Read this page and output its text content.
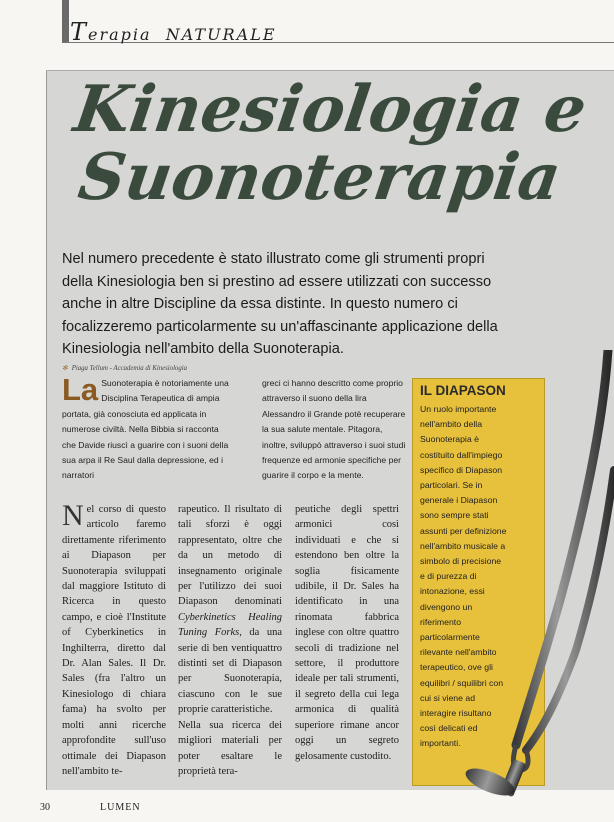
Terapia NATURALE
Kinesiologia e
Suonoterapia
Nel numero precedente è stato illustrato come gli strumenti propri della Kinesiologia ben si prestino ad essere utilizzati con successo anche in altre Discipline da essa distinte. In questo numero ci focalizzeremo particolarmente su un'affascinante applicazione della Kinesiologia nell'ambito della Suonoterapia.
✻ Piaga Tellum - Accademia di Kinesiologia
La Suonoterapia è notoriamente una Disciplina Terapeutica di ampia portata, già conosciuta ed applicata in numerose civiltà. Nella Bibbia si racconta che Davide riuscì a guarire con i suoni della sua arpa il Re Saul dalla depressione, ed i narratori
greci ci hanno descritto come proprio attraverso il suono della lira Alessandro il Grande potè recuperare la sua salute mentale. Pitagora, inoltre, sviluppò attraverso i suoi studi frequenze ed armonie specifiche per guarire il corpo e la mente.
Nel corso di questo articolo faremo direttamente riferimento ai Diapason per Suonoterapia sviluppati dal maggiore Istituto di Ricerca in questo campo, e cioè l'Institute of Cyberkinetics in Inghilterra, diretto dal Dr. Alan Sales. Il Dr. Sales (fra l'altro un Kinesiologo di chiara fama) ha svolto per molti anni ricerche approfondite sull'uso ottimale dei Diapason nell'ambito te-
rapeutico. Il risultato di tali sforzi è oggi rappresentato, oltre che da un metodo di insegnamento originale per l'utilizzo dei suoi Diapason denominati Cyberkinetics Healing Tuning Forks, da una serie di ben ventiquattro distinti set di Diapason per Suonoterapia, ciascuno con le sue proprie caratteristiche.
Nella sua ricerca dei migliori materiali per poter esaltare le proprietà tera-
peutiche degli spettri armonici così individuati e che si estendono ben oltre la soglia fisicamente udibile, il Dr. Sales ha identificato in una rinomata fabbrica inglese con oltre quattro secoli di tradizione nel settore, il produttore ideale per tali strumenti, il segreto della cui lega armonica di qualità superiore rimane ancor oggi un segreto gelosamente custodito.
IL DIAPASON
Un ruolo importante nell'ambito della Suonoterapia è costituito dall'impiego specifico di Diapason particolari. Se in generale i Diapason sono sempre stati assunti per definizione nell'ambito musicale a simbolo di precisione e di purezza di intonazione, essi divengono un riferimento particolarmente rilevante nell'ambito terapeutico, ove gli equilibri / squilibri con cui si viene ad interagire risultano così delicati ed importanti.
30	LUMEN
